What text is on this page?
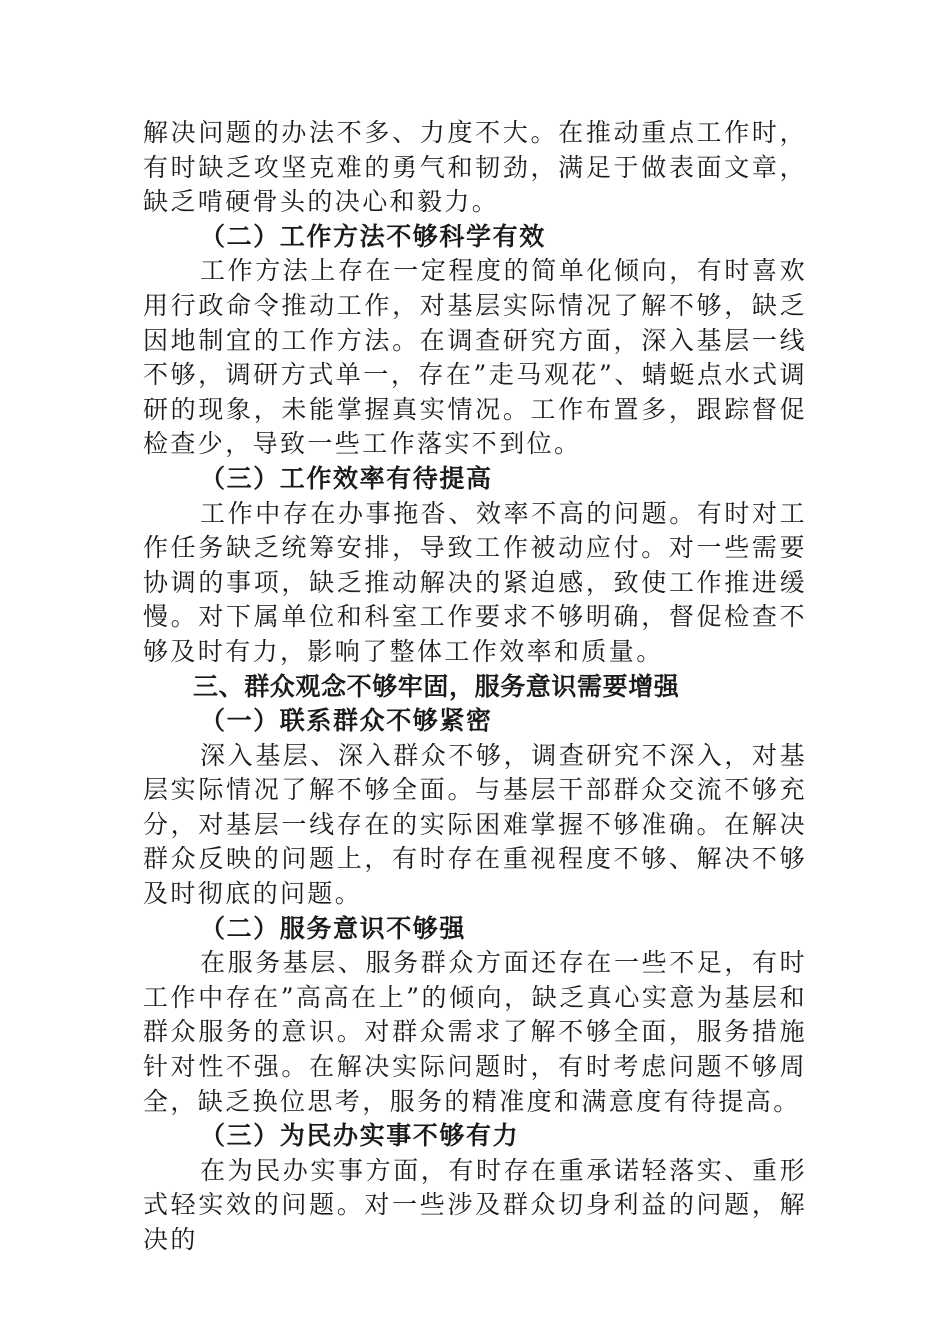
解决问题的办法不多、力度不大。在推动重点工作时，有时缺乏攻坚克难的勇气和韧劲，满足于做表面文章，缺乏啃硬骨头的决心和毅力。

（二）工作方法不够科学有效

工作方法上存在一定程度的简单化倾向，有时喜欢用行政命令推动工作，对基层实际情况了解不够，缺乏因地制宜的工作方法。在调查研究方面，深入基层一线不够，调研方式单一，存在”走马观花”、蜻蜓点水式调研的现象，未能掌握真实情况。工作布置多，跟踪督促检查少，导致一些工作落实不到位。

（三）工作效率有待提高

工作中存在办事拖沓、效率不高的问题。有时对工作任务缺乏统筹安排，导致工作被动应付。对一些需要协调的事项，缺乏推动解决的紧迫感，致使工作推进缓慢。对下属单位和科室工作要求不够明确，督促检查不够及时有力，影响了整体工作效率和质量。

三、群众观念不够牢固，服务意识需要增强

（一）联系群众不够紧密

深入基层、深入群众不够，调查研究不深入，对基层实际情况了解不够全面。与基层干部群众交流不够充分，对基层一线存在的实际困难掌握不够准确。在解决群众反映的问题上，有时存在重视程度不够、解决不够及时彻底的问题。

（二）服务意识不够强

在服务基层、服务群众方面还存在一些不足，有时工作中存在”高高在上”的倾向，缺乏真心实意为基层和群众服务的意识。对群众需求了解不够全面，服务措施针对性不强。在解决实际问题时，有时考虑问题不够周全，缺乏换位思考，服务的精准度和满意度有待提高。

（三）为民办实事不够有力

在为民办实事方面，有时存在重承诺轻落实、重形式轻实效的问题。对一些涉及群众切身利益的问题，解决的
